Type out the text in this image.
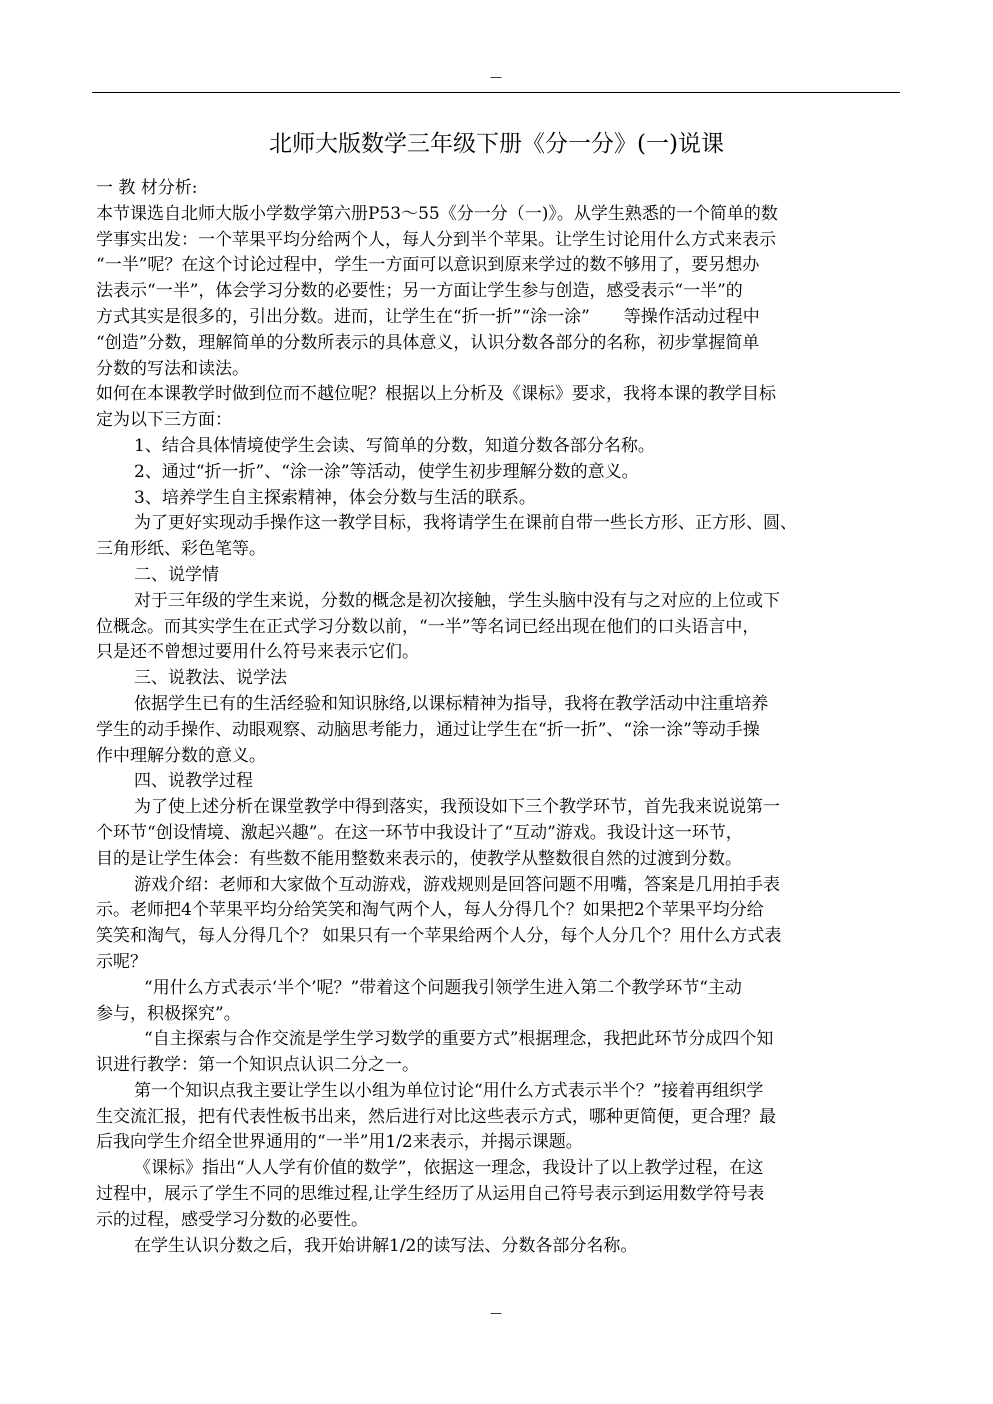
—
北师大版数学三年级下册《分一分》(一)说课
一 教 材分析:
本节课选自北师大版小学数学第六册P53～55《分一分（一)》。从学生熟悉的一个简单的数
学事实出发：一个苹果平均分给两个人，每人分到半个苹果。让学生讨论用什么方式来表示
“一半”呢？在这个讨论过程中，学生一方面可以意识到原来学过的数不够用了，要另想办
法表示“一半”，体会学习分数的必要性；另一方面让学生参与创造，感受表示“一半”的
方式其实是很多的，引出分数。进而，让学生在“折一折”“涂一涂”　　等操作活动过程中
“创造”分数，理解简单的分数所表示的具体意义，认识分数各部分的名称，初步掌握简单
分数的写法和读法。
如何在本课教学时做到位而不越位呢？根据以上分析及《课标》要求，我将本课的教学目标
定为以下三方面：
1、结合具体情境使学生会读、写简单的分数，知道分数各部分名称。
2、通过“折一折”、“涂一涂”等活动，使学生初步理解分数的意义。
3、培养学生自主探索精神，体会分数与生活的联系。
为了更好实现动手操作这一教学目标，我将请学生在课前自带一些长方形、正方形、圆、
三角形纸、彩色笔等。
二、说学情
对于三年级的学生来说，分数的概念是初次接触，学生头脑中没有与之对应的上位或下
位概念。而其实学生在正式学习分数以前，“一半”等名词已经出现在他们的口头语言中，
只是还不曾想过要用什么符号来表示它们。
三、说教法、说学法
依据学生已有的生活经验和知识脉络,以课标精神为指导，我将在教学活动中注重培养
学生的动手操作、动眼观察、动脑思考能力，通过让学生在“折一折”、“涂一涂”等动手操
作中理解分数的意义。
四、说教学过程
为了使上述分析在课堂教学中得到落实，我预设如下三个教学环节，首先我来说说第一
个环节“创设情境、激起兴趣”。在这一环节中我设计了“互动”游戏。我设计这一环节，
目的是让学生体会：有些数不能用整数来表示的，使教学从整数很自然的过渡到分数。
游戏介绍：老师和大家做个互动游戏，游戏规则是回答问题不用嘴，答案是几用拍手表
示。老师把4个苹果平均分给笑笑和淘气两个人，每人分得几个？如果把2个苹果平均分给
笑笑和淘气，每人分得几个？ 如果只有一个苹果给两个人分，每个人分几个？用什么方式表
示呢？
“用什么方式表示‘半个’呢？”带着这个问题我引领学生进入第二个教学环节“主动
参与，积极探究”。
“自主探索与合作交流是学生学习数学的重要方式”根据理念，我把此环节分成四个知
识进行教学：第一个知识点认识二分之一。
第一个知识点我主要让学生以小组为单位讨论“用什么方式表示半个？”接着再组织学
生交流汇报，把有代表性板书出来，然后进行对比这些表示方式，哪种更简便，更合理？最
后我向学生介绍全世界通用的“一半”用1/2来表示，并揭示课题。
《课标》指出“人人学有价值的数学”，依据这一理念，我设计了以上教学过程，在这
过程中，展示了学生不同的思维过程,让学生经历了从运用自己符号表示到运用数学符号表
示的过程，感受学习分数的必要性。
在学生认识分数之后，我开始讲解1/2的读写法、分数各部分名称。
—
